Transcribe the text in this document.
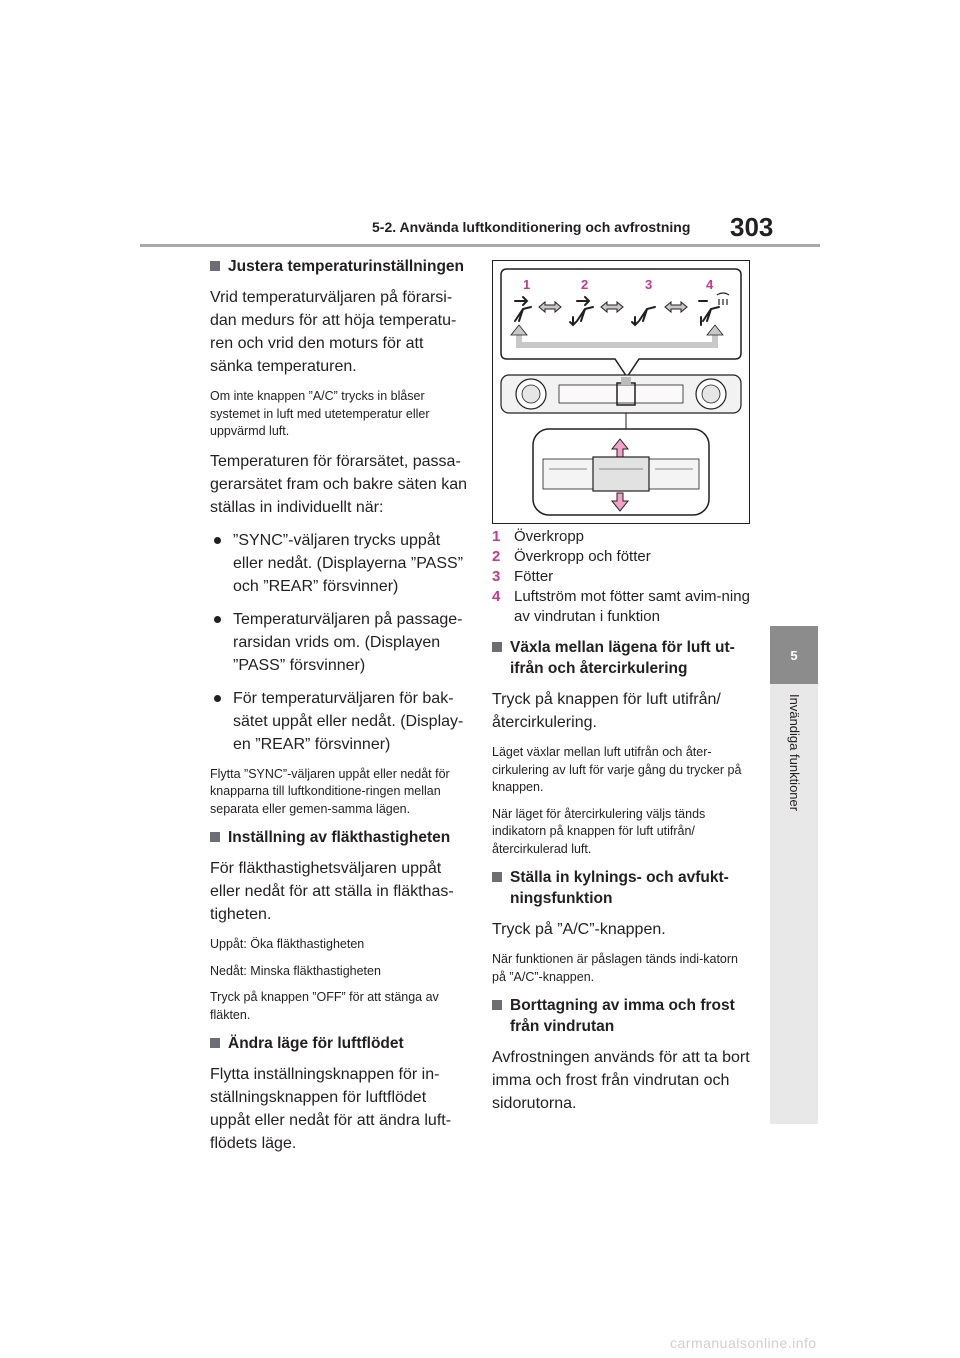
5-2. Använda luftkonditionering och avfrostning	303
5
Invändiga funktioner
Justera temperaturinställningen

Vrid temperaturväljaren på förarsi-dan medurs för att höja temperatu-ren och vrid den moturs för att sänka temperaturen.

Om inte knappen ”A/C” trycks in blåser systemet in luft med utetemperatur eller uppvärmd luft.

Temperaturen för förarsätet, passa-gerarsätet fram och bakre säten kan ställas in individuellt när:

”SYNC”-väljaren trycks uppåt eller nedåt. (Displayerna ”PASS” och ”REAR” försvinner)
Temperaturväljaren på passage-rarsidan vrids om. (Displayen ”PASS” försvinner)
För temperaturväljaren för bak-sätet uppåt eller nedåt. (Display-en ”REAR” försvinner)

Flytta ”SYNC”-väljaren uppåt eller nedåt för knapparna till luftkonditione-ringen mellan separata eller gemen-samma lägen.

Inställning av fläkthastigheten

För fläkthastighetsväljaren uppåt eller nedåt för att ställa in fläkthas-tigheten.

Uppåt: Öka fläkthastigheten

Nedåt: Minska fläkthastigheten

Tryck på knappen ”OFF” för att stänga av fläkten.

Ändra läge för luftflödet

Flytta inställningsknappen för in-ställningsknappen för luftflödet uppåt eller nedåt för att ändra luft-flödets läge.

1	2	3	4
1 Överkropp
2 Överkropp och fötter
3 Fötter
4 Luftström mot fötter samt avim-ning av vindrutan i funktion
Växla mellan lägena för luft ut-ifrån och återcirkulering

Tryck på knappen för luft utifrån/ återcirkulering.

Läget växlar mellan luft utifrån och åter-cirkulering av luft för varje gång du trycker på knappen.

När läget för återcirkulering väljs tänds indikatorn på knappen för luft utifrån/ återcirkulerad luft.

Ställa in kylnings- och avfukt-ningsfunktion

Tryck på ”A/C”-knappen.

När funktionen är påslagen tänds indi-katorn på ”A/C”-knappen.

Borttagning av imma och frost från vindrutan

Avfrostningen används för att ta bort imma och frost från vindrutan och sidorutorna.

carmanualsonline.info
